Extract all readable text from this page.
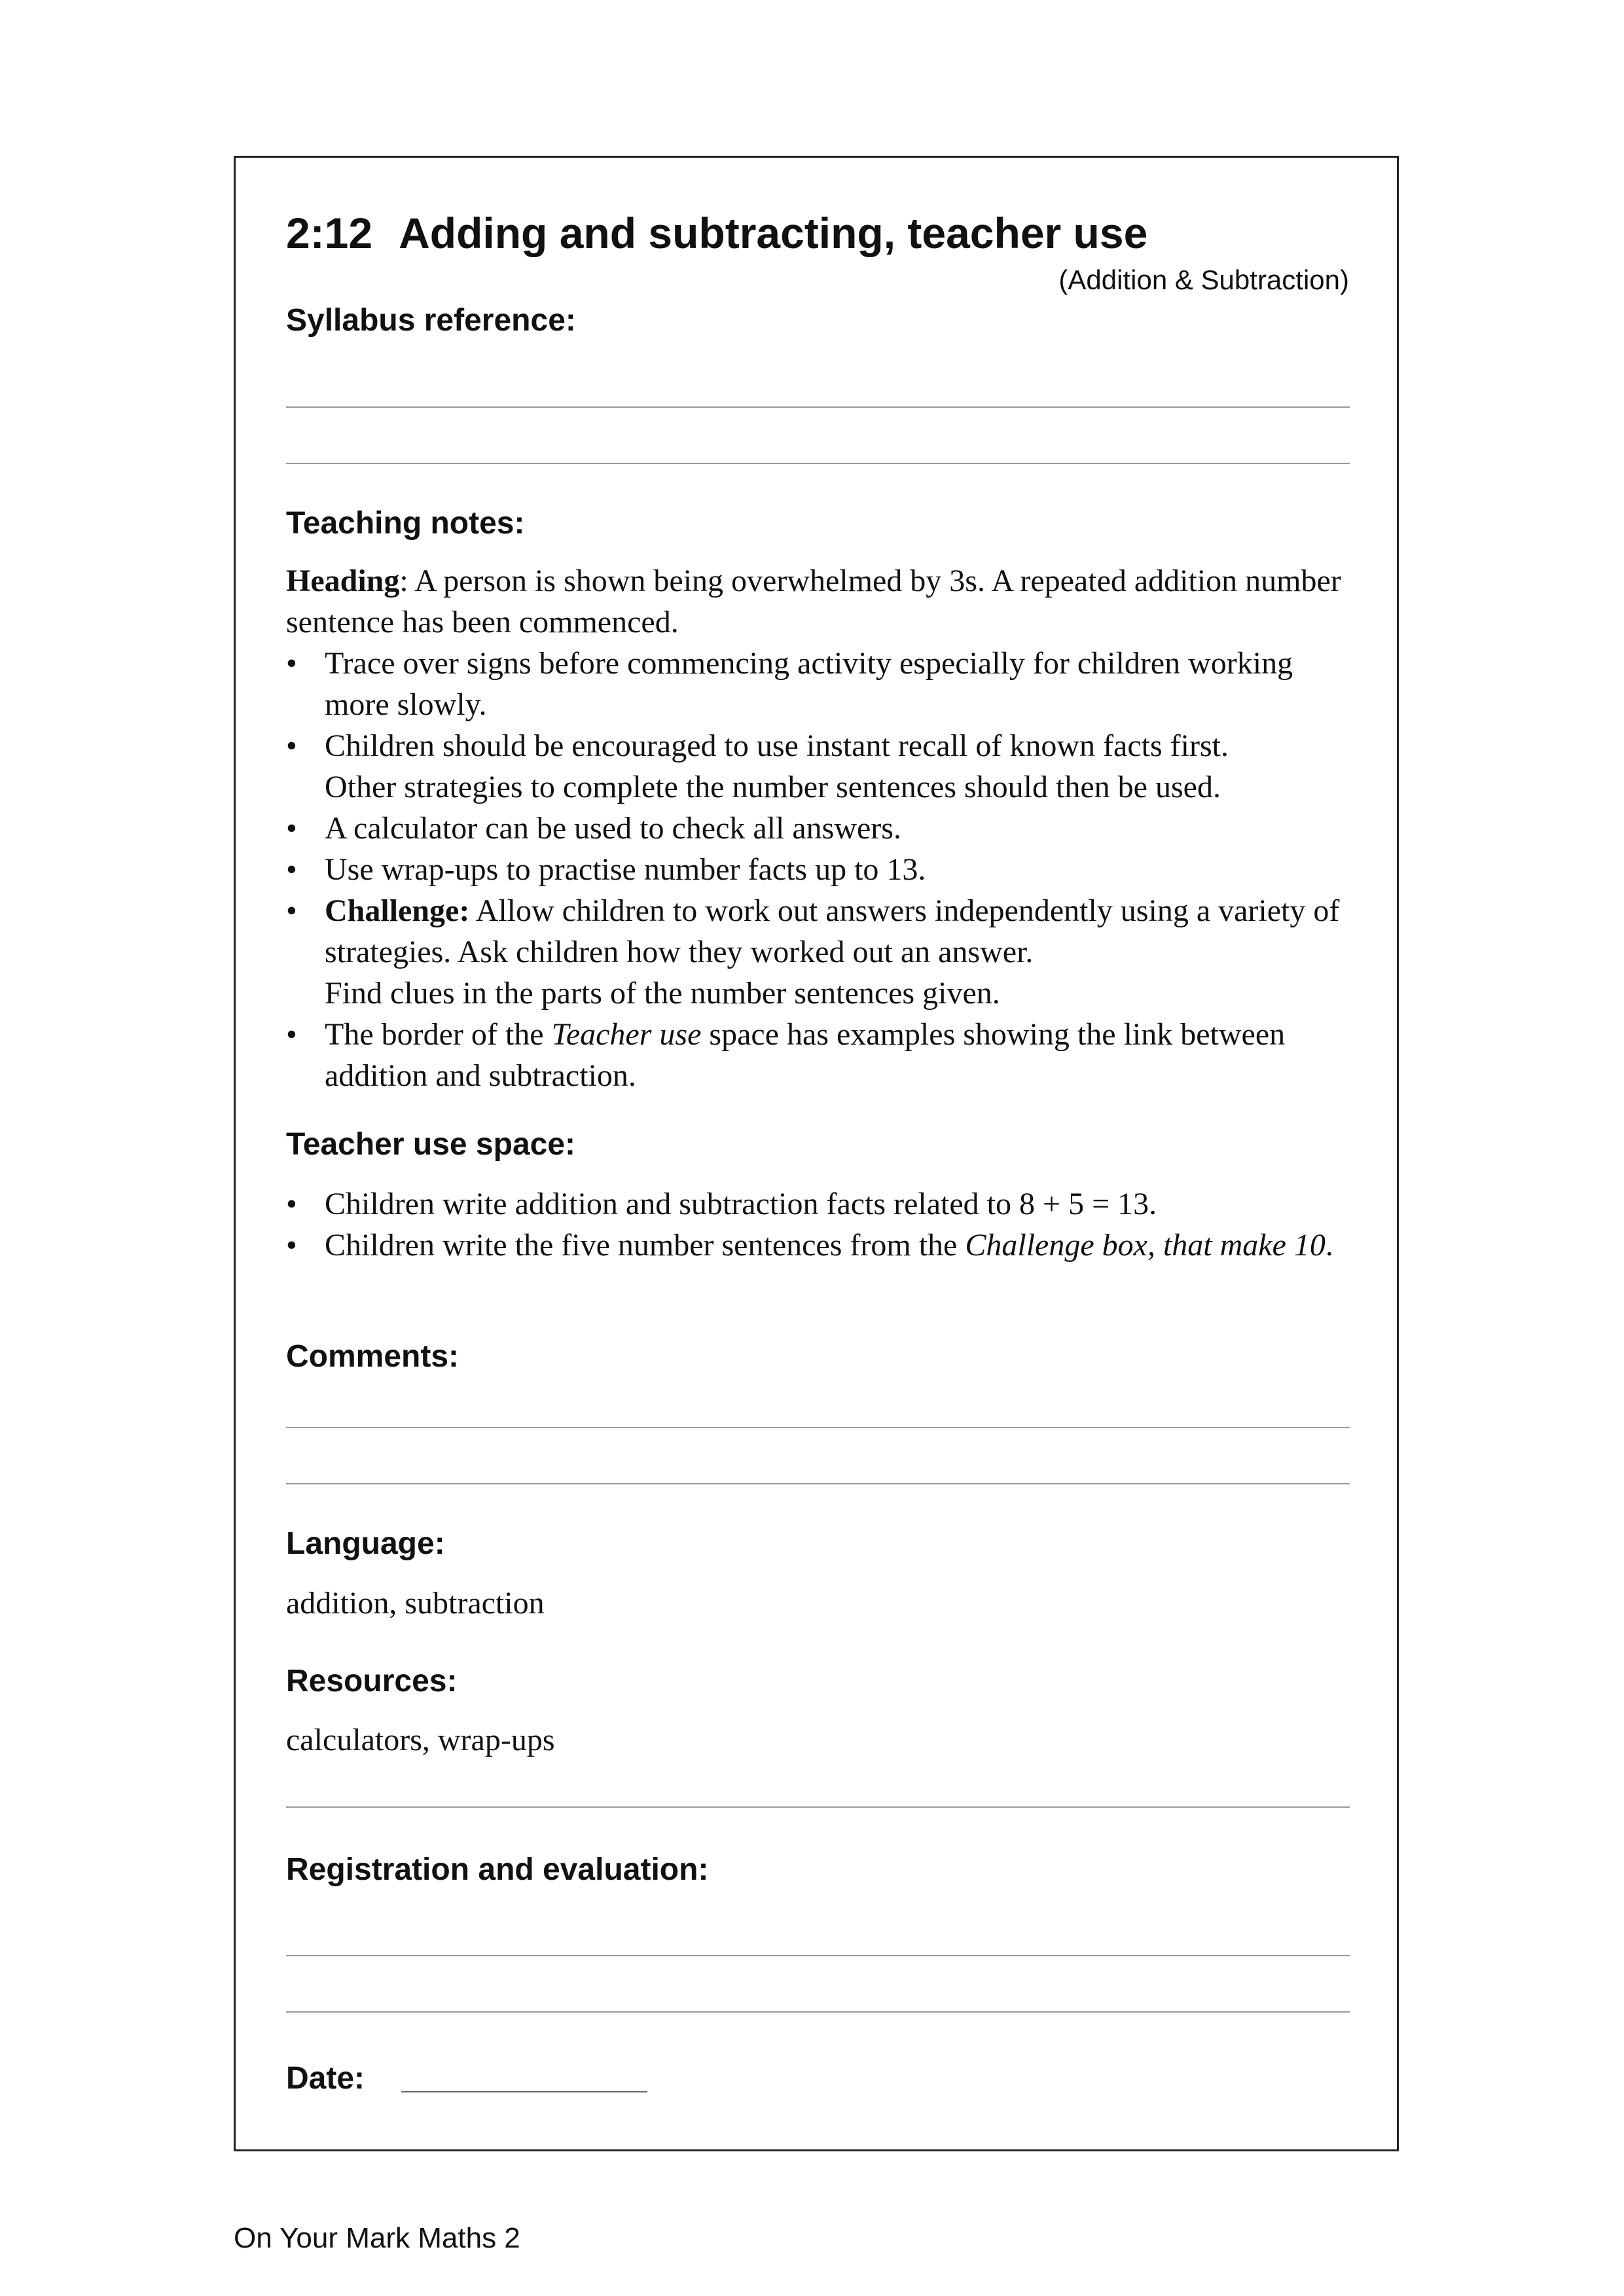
2:12 Adding and subtracting, teacher use
(Addition & Subtraction)
Syllabus reference:
Teaching notes:
Heading: A person is shown being overwhelmed by 3s. A repeated addition number sentence has been commenced.
• Trace over signs before commencing activity especially for children working more slowly.
• Children should be encouraged to use instant recall of known facts first.
Other strategies to complete the number sentences should then be used.
• A calculator can be used to check all answers.
• Use wrap-ups to practise number facts up to 13.
• Challenge: Allow children to work out answers independently using a variety of strategies. Ask children how they worked out an answer.
Find clues in the parts of the number sentences given.
• The border of the Teacher use space has examples showing the link between addition and subtraction.
Teacher use space:
• Children write addition and subtraction facts related to 8 + 5 = 13.
• Children write the five number sentences from the Challenge box, that make 10.
Comments:
Language:
addition, subtraction
Resources:
calculators, wrap-ups
Registration and evaluation:
Date:
On Your Mark Maths 2
